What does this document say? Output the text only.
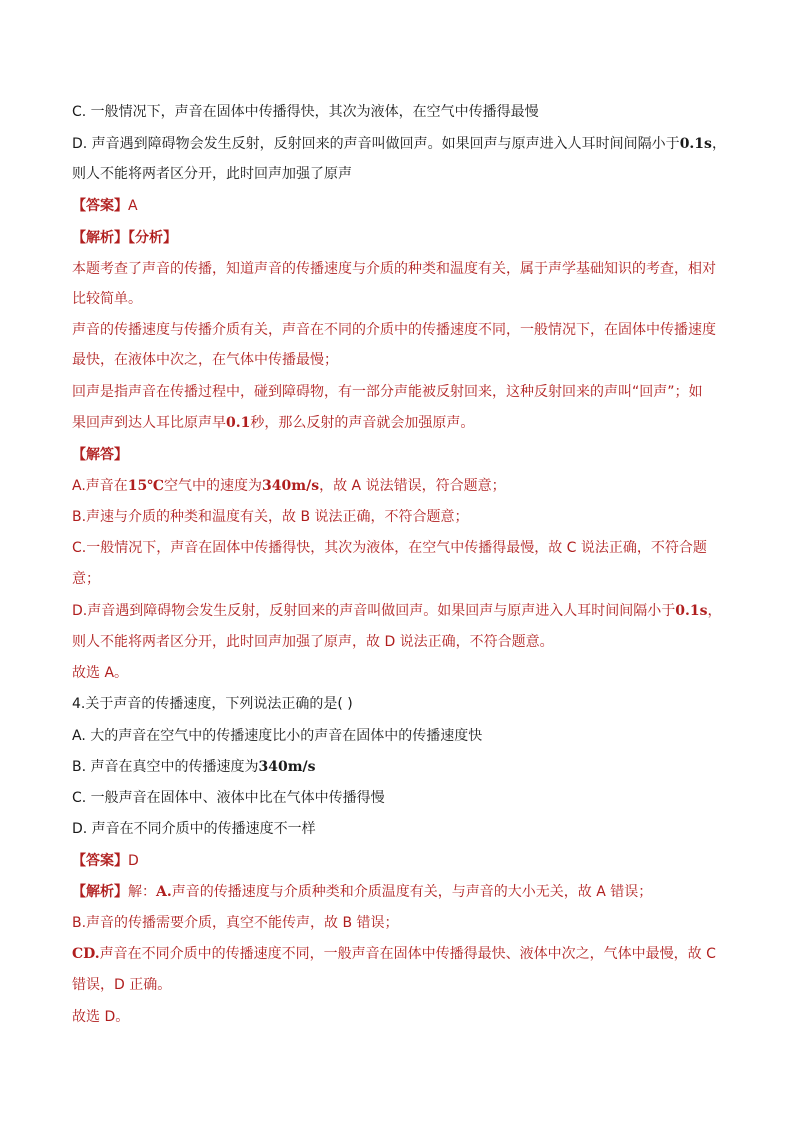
C. 一般情况下，声音在固体中传播得快，其次为液体，在空气中传播得最慢
D. 声音遇到障碍物会发生反射，反射回来的声音叫做回声。如果回声与原声进入人耳时间间隔小于0.1s，
则人不能将两者区分开，此时回声加强了原声
【答案】A
【解析】【分析】
本题考查了声音的传播，知道声音的传播速度与介质的种类和温度有关，属于声学基础知识的考查，相对
比较简单。
声音的传播速度与传播介质有关，声音在不同的介质中的传播速度不同，一般情况下，在固体中传播速度
最快，在液体中次之，在气体中传播最慢；
回声是指声音在传播过程中，碰到障碍物，有一部分声能被反射回来，这种反射回来的声叫“回声”；如
果回声到达人耳比原声早0.1秒，那么反射的声音就会加强原声。
【解答】
A.声音在15℃空气中的速度为340m/s，故 A 说法错误，符合题意；
B.声速与介质的种类和温度有关，故 B 说法正确，不符合题意；
C.一般情况下，声音在固体中传播得快，其次为液体，在空气中传播得最慢，故 C 说法正确，不符合题
意；
D.声音遇到障碍物会发生反射，反射回来的声音叫做回声。如果回声与原声进入人耳时间间隔小于0.1s，
则人不能将两者区分开，此时回声加强了原声，故 D 说法正确，不符合题意。
故选 A。
4.关于声音的传播速度，下列说法正确的是( )
A. 大的声音在空气中的传播速度比小的声音在固体中的传播速度快
B. 声音在真空中的传播速度为340m/s
C. 一般声音在固体中、液体中比在气体中传播得慢
D. 声音在不同介质中的传播速度不一样
【答案】D
【解析】解：A.声音的传播速度与介质种类和介质温度有关，与声音的大小无关，故 A 错误；
B.声音的传播需要介质，真空不能传声，故 B 错误；
CD.声音在不同介质中的传播速度不同，一般声音在固体中传播得最快、液体中次之，气体中最慢，故 C
错误，D 正确。
故选 D。
